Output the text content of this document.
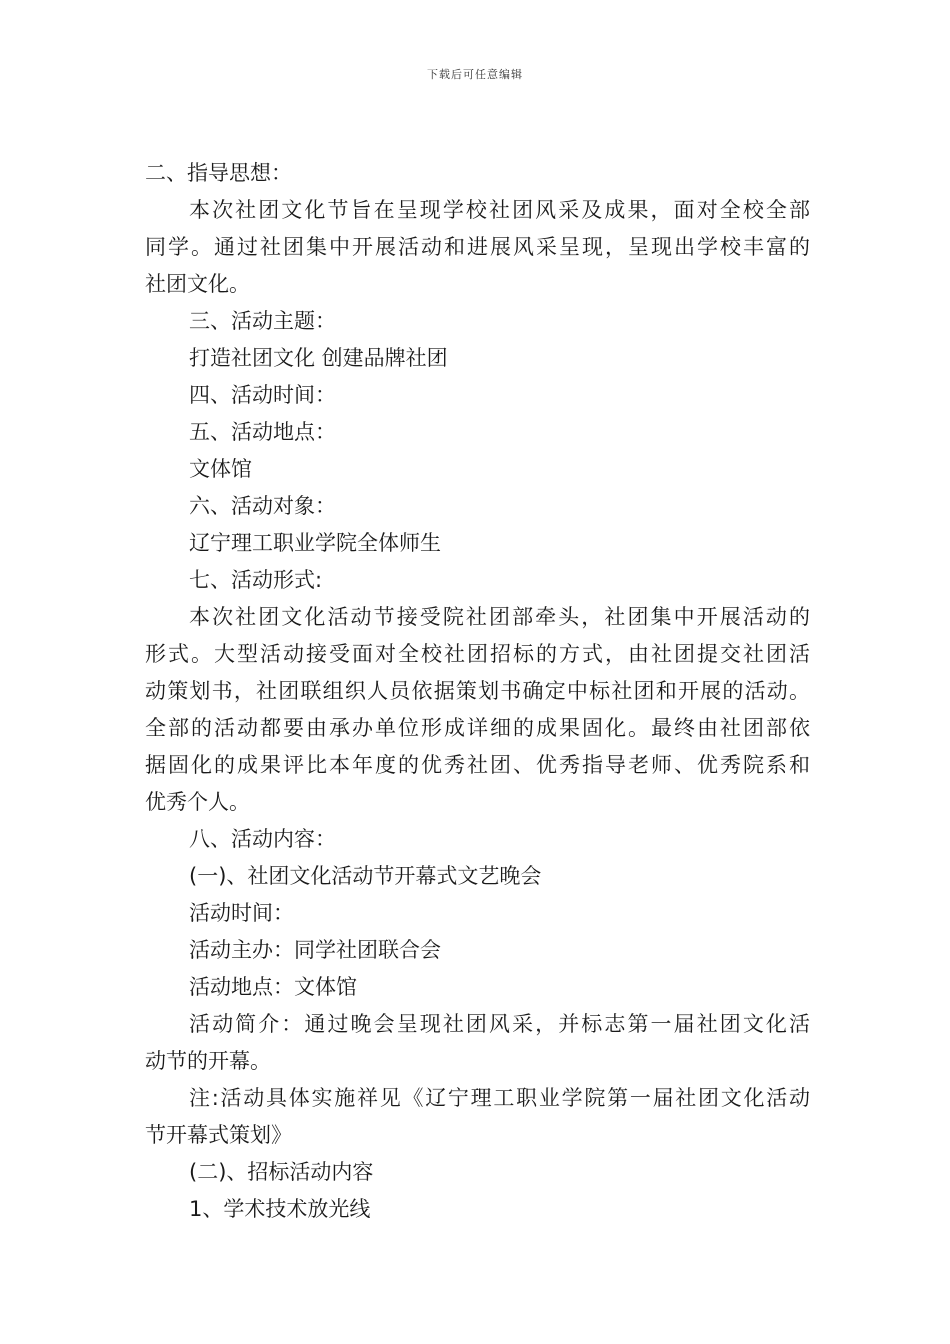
下载后可任意编辑
二、指导思想：
本次社团文化节旨在呈现学校社团风采及成果，面对全校全部
同学。通过社团集中开展活动和进展风采呈现，呈现出学校丰富的
社团文化。
三、活动主题：
打造社团文化 创建品牌社团
四、活动时间：
五、活动地点：
文体馆
六、活动对象：
辽宁理工职业学院全体师生
七、活动形式:
本次社团文化活动节接受院社团部牵头，社团集中开展活动的
形式。大型活动接受面对全校社团招标的方式，由社团提交社团活
动策划书，社团联组织人员依据策划书确定中标社团和开展的活动。
全部的活动都要由承办单位形成详细的成果固化。最终由社团部依
据固化的成果评比本年度的优秀社团、优秀指导老师、优秀院系和
优秀个人。
八、活动内容：
(一)、社团文化活动节开幕式文艺晚会
活动时间：
活动主办：同学社团联合会
活动地点：文体馆
活动简介：通过晚会呈现社团风采，并标志第一届社团文化活
动节的开幕。
注:活动具体实施祥见《辽宁理工职业学院第一届社团文化活动
节开幕式策划》
(二)、招标活动内容
1、学术技术放光线
